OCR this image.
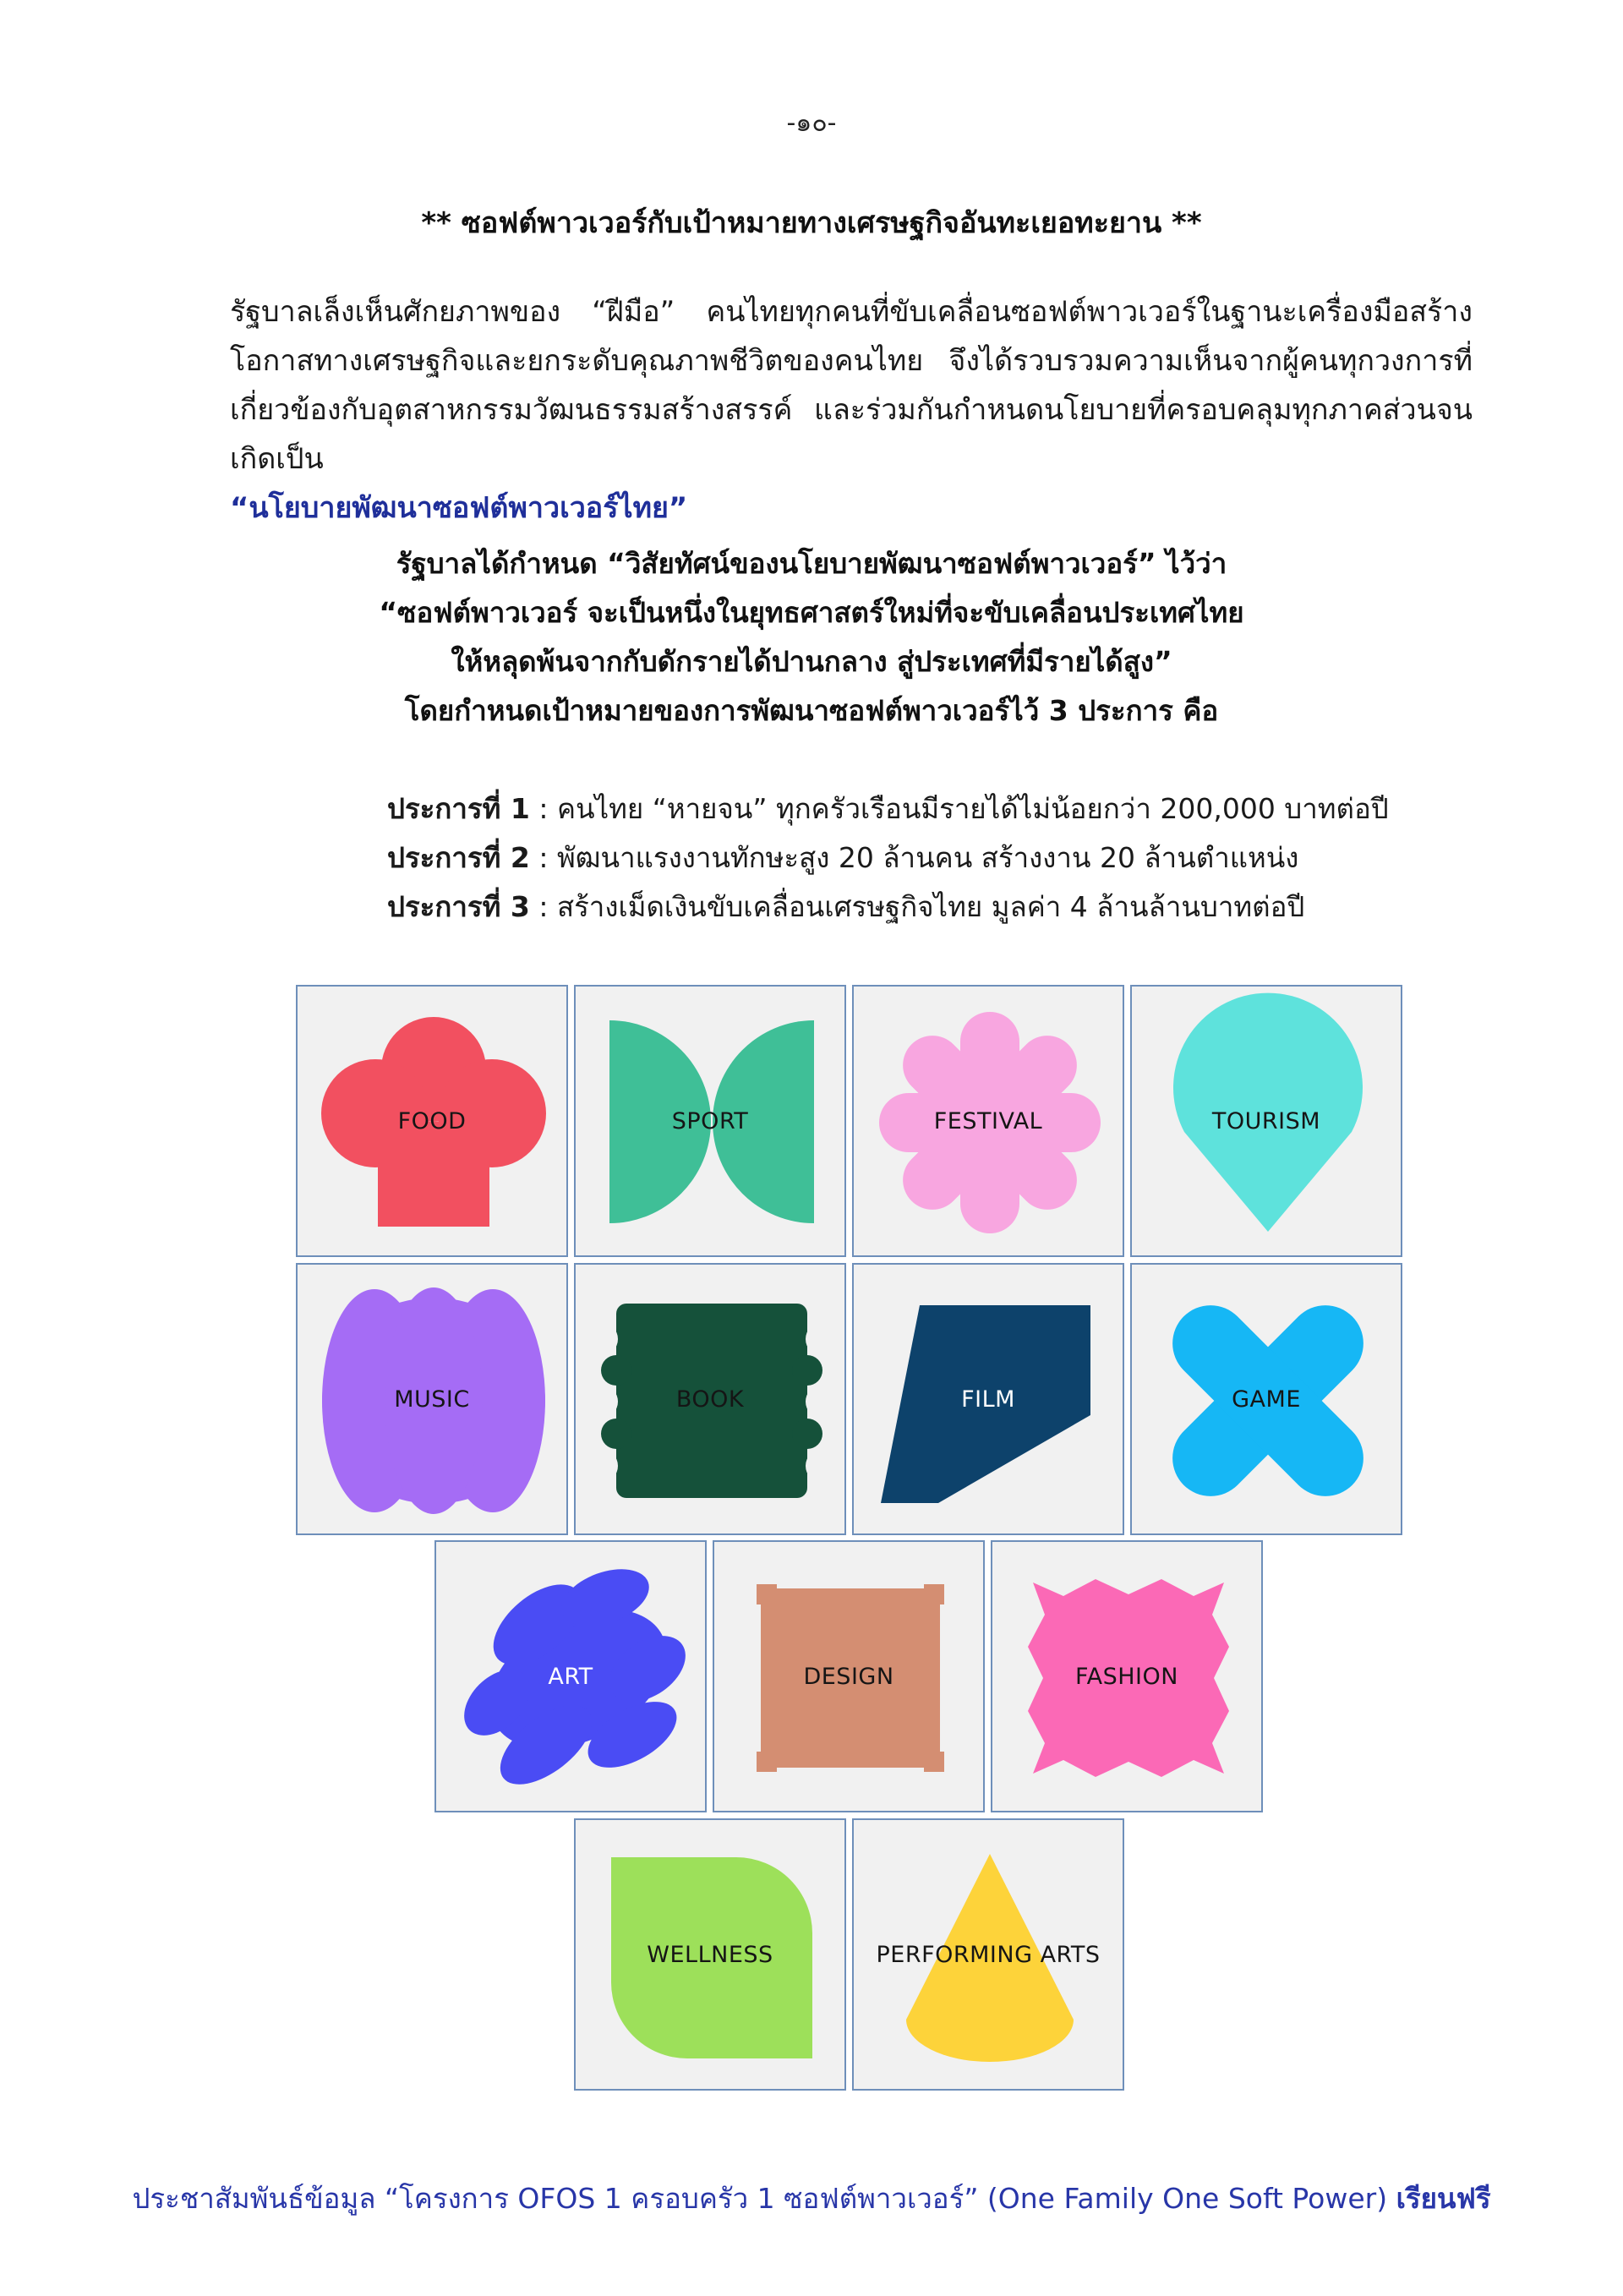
-๑๐-
** ซอฟต์พาวเวอร์กับเป้าหมายทางเศรษฐกิจอันทะเยอทะยาน **
รัฐบาลเล็งเห็นศักยภาพของ “ฝีมือ” คนไทยทุกคนที่ขับเคลื่อนซอฟต์พาวเวอร์ในฐานะเครื่องมือสร้างโอกาสทางเศรษฐกิจและยกระดับคุณภาพชีวิตของคนไทย จึงได้รวบรวมความเห็นจากผู้คนทุกวงการที่เกี่ยวข้องกับอุตสาหกรรมวัฒนธรรมสร้างสรรค์ และร่วมกันกำหนดนโยบายที่ครอบคลุมทุกภาคส่วนจนเกิดเป็น
“นโยบายพัฒนาซอฟต์พาวเวอร์ไทย”
รัฐบาลได้กำหนด “วิสัยทัศน์ของนโยบายพัฒนาซอฟต์พาวเวอร์” ไว้ว่า
“ซอฟต์พาวเวอร์ จะเป็นหนึ่งในยุทธศาสตร์ใหม่ที่จะขับเคลื่อนประเทศไทย
ให้หลุดพ้นจากกับดักรายได้ปานกลาง สู่ประเทศที่มีรายได้สูง”
โดยกำหนดเป้าหมายของการพัฒนาซอฟต์พาวเวอร์ไว้ 3 ประการ คือ
ประการที่ 1 : คนไทย “หายจน” ทุกครัวเรือนมีรายได้ไม่น้อยกว่า 200,000 บาทต่อปี
ประการที่ 2 : พัฒนาแรงงานทักษะสูง 20 ล้านคน สร้างงาน 20 ล้านตำแหน่ง
ประการที่ 3 : สร้างเม็ดเงินขับเคลื่อนเศรษฐกิจไทย มูลค่า 4 ล้านล้านบาทต่อปี
FOOD	SPORT	FESTIVAL	TOURISM
MUSIC	BOOK	FILM	GAME
ART	DESIGN	FASHION
WELLNESS	PERFORMING ARTS
ประชาสัมพันธ์ข้อมูล “โครงการ OFOS 1 ครอบครัว 1 ซอฟต์พาวเวอร์” (One Family One Soft Power) เรียนฟรี
